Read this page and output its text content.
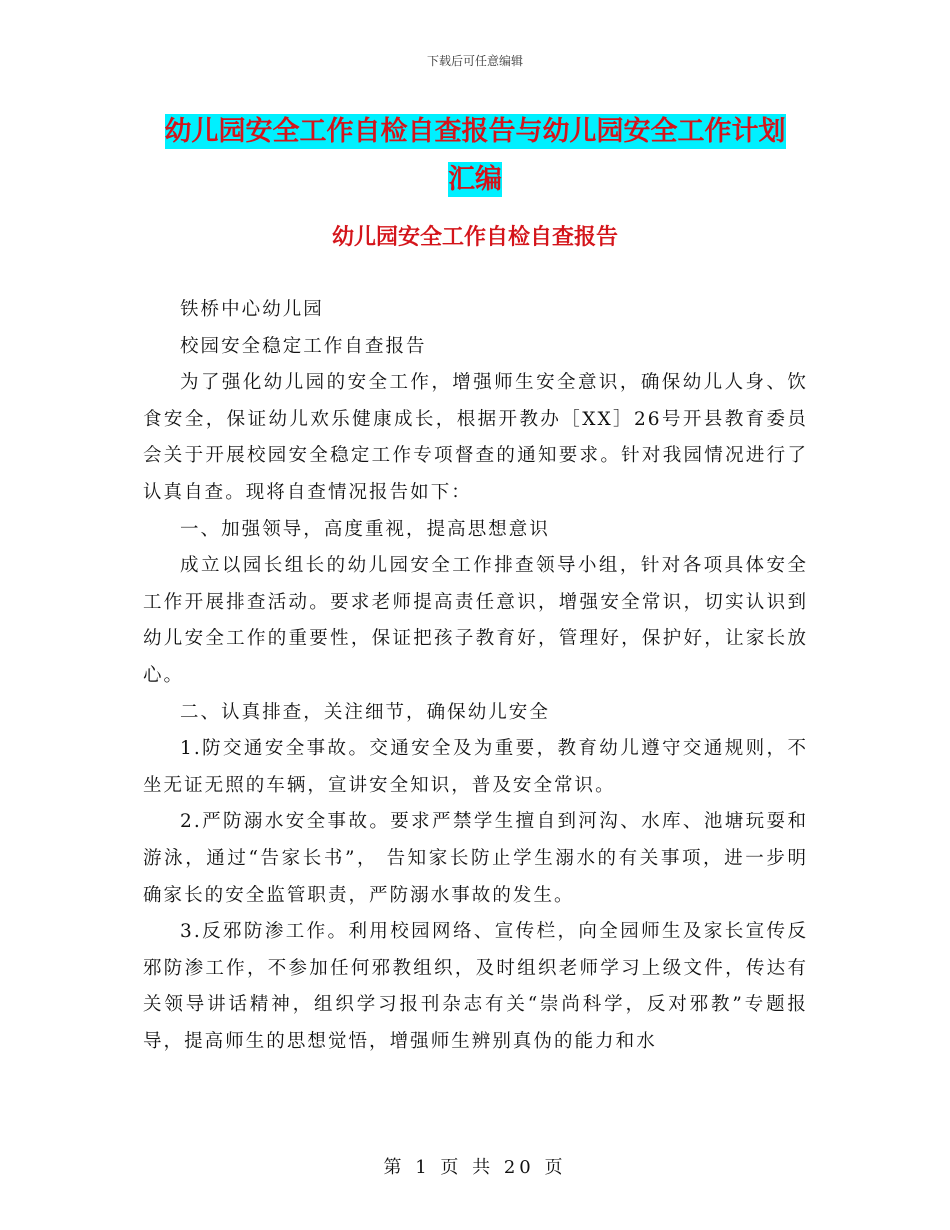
下载后可任意编辑
幼儿园安全工作自检自查报告与幼儿园安全工作计划
汇编
幼儿园安全工作自检自查报告

铁桥中心幼儿园

校园安全稳定工作自查报告

为了强化幼儿园的安全工作，增强师生安全意识，确保幼儿人身、饮食安全，保证幼儿欢乐健康成长，根据开教办［XX］26号开县教育委员会关于开展校园安全稳定工作专项督查的通知要求。针对我园情况进行了认真自查。现将自查情况报告如下：

一、加强领导，高度重视，提高思想意识

成立以园长组长的幼儿园安全工作排查领导小组，针对各项具体安全工作开展排查活动。要求老师提高责任意识，增强安全常识，切实认识到幼儿安全工作的重要性，保证把孩子教育好，管理好，保护好，让家长放心。

二、认真排查，关注细节，确保幼儿安全

1.防交通安全事故。交通安全及为重要，教育幼儿遵守交通规则，不坐无证无照的车辆，宣讲安全知识，普及安全常识。

2.严防溺水安全事故。要求严禁学生擅自到河沟、水库、池塘玩耍和游泳，通过“告家长书”， 告知家长防止学生溺水的有关事项，进一步明确家长的安全监管职责，严防溺水事故的发生。

3.反邪防渗工作。利用校园网络、宣传栏，向全园师生及家长宣传反邪防渗工作，不参加任何邪教组织，及时组织老师学习上级文件，传达有关领导讲话精神，组织学习报刊杂志有关“崇尚科学，反对邪教”专题报导，提高师生的思想觉悟，增强师生辨别真伪的能力和水

第 1 页 共 20 页
